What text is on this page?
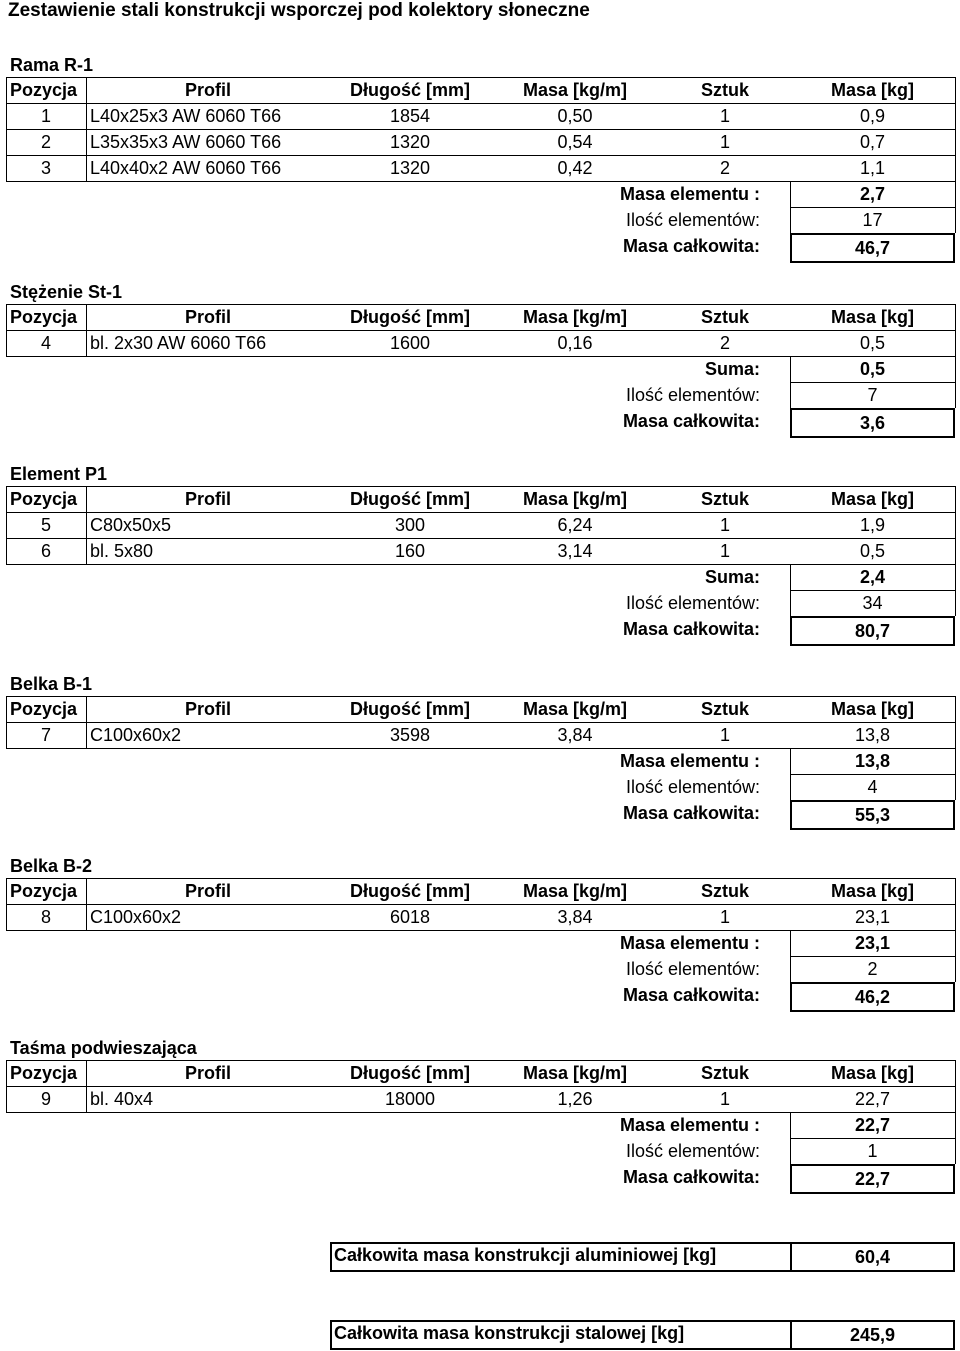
Zestawienie stali konstrukcji wsporczej pod kolektory słoneczne
Rama R-1
Pozycja	Profil	Długość [mm]	Masa [kg/m]	Sztuk	Masa [kg]
1	L40x25x3 AW 6060 T66	1854	0,50	1	0,9
2	L35x35x3 AW 6060 T66	1320	0,54	1	0,7
3	L40x40x2 AW 6060 T66	1320	0,42	2	1,1
Masa elementu :	2,7
Ilość elementów:	17
Masa całkowita:	46,7
Stężenie St-1
Pozycja	Profil	Długość [mm]	Masa [kg/m]	Sztuk	Masa [kg]
4	bl. 2x30 AW 6060 T66	1600	0,16	2	0,5
Suma:	0,5
Ilość elementów:	7
Masa całkowita:	3,6
Element P1
Pozycja	Profil	Długość [mm]	Masa [kg/m]	Sztuk	Masa [kg]
5	C80x50x5	300	6,24	1	1,9
6	bl. 5x80	160	3,14	1	0,5
Suma:	2,4
Ilość elementów:	34
Masa całkowita:	80,7
Belka B-1
Pozycja	Profil	Długość [mm]	Masa [kg/m]	Sztuk	Masa [kg]
7	C100x60x2	3598	3,84	1	13,8
Masa elementu :	13,8
Ilość elementów:	4
Masa całkowita:	55,3
Belka B-2
Pozycja	Profil	Długość [mm]	Masa [kg/m]	Sztuk	Masa [kg]
8	C100x60x2	6018	3,84	1	23,1
Masa elementu :	23,1
Ilość elementów:	2
Masa całkowita:	46,2
Taśma podwieszająca
Pozycja	Profil	Długość [mm]	Masa [kg/m]	Sztuk	Masa [kg]
9	bl. 40x4	18000	1,26	1	22,7
Masa elementu :	22,7
Ilość elementów:	1
Masa całkowita:	22,7
Całkowita masa konstrukcji aluminiowej [kg]	60,4
Całkowita masa konstrukcji stalowej [kg]	245,9
